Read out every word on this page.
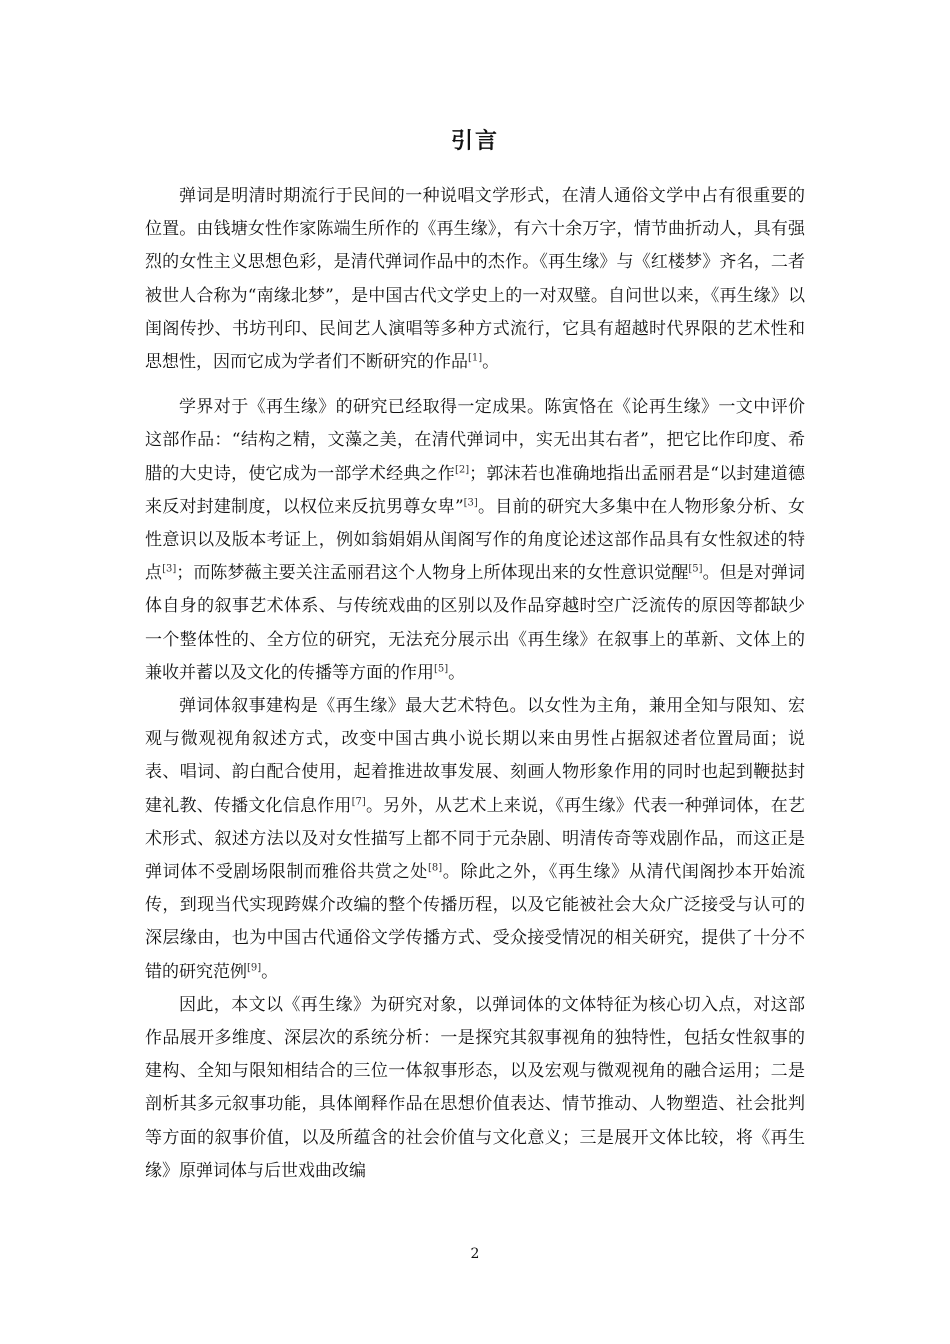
引言

弹词是明清时期流行于民间的一种说唱文学形式，在清人通俗文学中占有很重要的位置。由钱塘女性作家陈端生所作的《再生缘》，有六十余万字，情节曲折动人，具有强烈的女性主义思想色彩，是清代弹词作品中的杰作。《再生缘》与《红楼梦》齐名，二者被世人合称为“南缘北梦”，是中国古代文学史上的一对双璧。自问世以来，《再生缘》以闺阁传抄、书坊刊印、民间艺人演唱等多种方式流行，它具有超越时代界限的艺术性和思想性，因而它成为学者们不断研究的作品[1]。

学界对于《再生缘》的研究已经取得一定成果。陈寅恪在《论再生缘》一文中评价这部作品：“结构之精，文藻之美，在清代弹词中，实无出其右者”，把它比作印度、希腊的大史诗，使它成为一部学术经典之作[2]；郭沫若也准确地指出孟丽君是“以封建道德来反对封建制度，以权位来反抗男尊女卑”[3]。目前的研究大多集中在人物形象分析、女性意识以及版本考证上，例如翁娟娟从闺阁写作的角度论述这部作品具有女性叙述的特点[3]；而陈梦薇主要关注孟丽君这个人物身上所体现出来的女性意识觉醒[5]。但是对弹词体自身的叙事艺术体系、与传统戏曲的区别以及作品穿越时空广泛流传的原因等都缺少一个整体性的、全方位的研究，无法充分展示出《再生缘》在叙事上的革新、文体上的兼收并蓄以及文化的传播等方面的作用[5]。

弹词体叙事建构是《再生缘》最大艺术特色。以女性为主角，兼用全知与限知、宏观与微观视角叙述方式，改变中国古典小说长期以来由男性占据叙述者位置局面；说表、唱词、韵白配合使用，起着推进故事发展、刻画人物形象作用的同时也起到鞭挞封建礼教、传播文化信息作用[7]。另外，从艺术上来说，《再生缘》代表一种弹词体，在艺术形式、叙述方法以及对女性描写上都不同于元杂剧、明清传奇等戏剧作品，而这正是弹词体不受剧场限制而雅俗共赏之处[8]。除此之外，《再生缘》从清代闺阁抄本开始流传，到现当代实现跨媒介改编的整个传播历程，以及它能被社会大众广泛接受与认可的深层缘由，也为中国古代通俗文学传播方式、受众接受情况的相关研究，提供了十分不错的研究范例[9]。

因此，本文以《再生缘》为研究对象，以弹词体的文体特征为核心切入点，对这部作品展开多维度、深层次的系统分析：一是探究其叙事视角的独特性，包括女性叙事的建构、全知与限知相结合的三位一体叙事形态，以及宏观与微观视角的融合运用；二是剖析其多元叙事功能，具体阐释作品在思想价值表达、情节推动、人物塑造、社会批判等方面的叙事价值，以及所蕴含的社会价值与文化意义；三是展开文体比较，将《再生缘》原弹词体与后世戏曲改编

2
